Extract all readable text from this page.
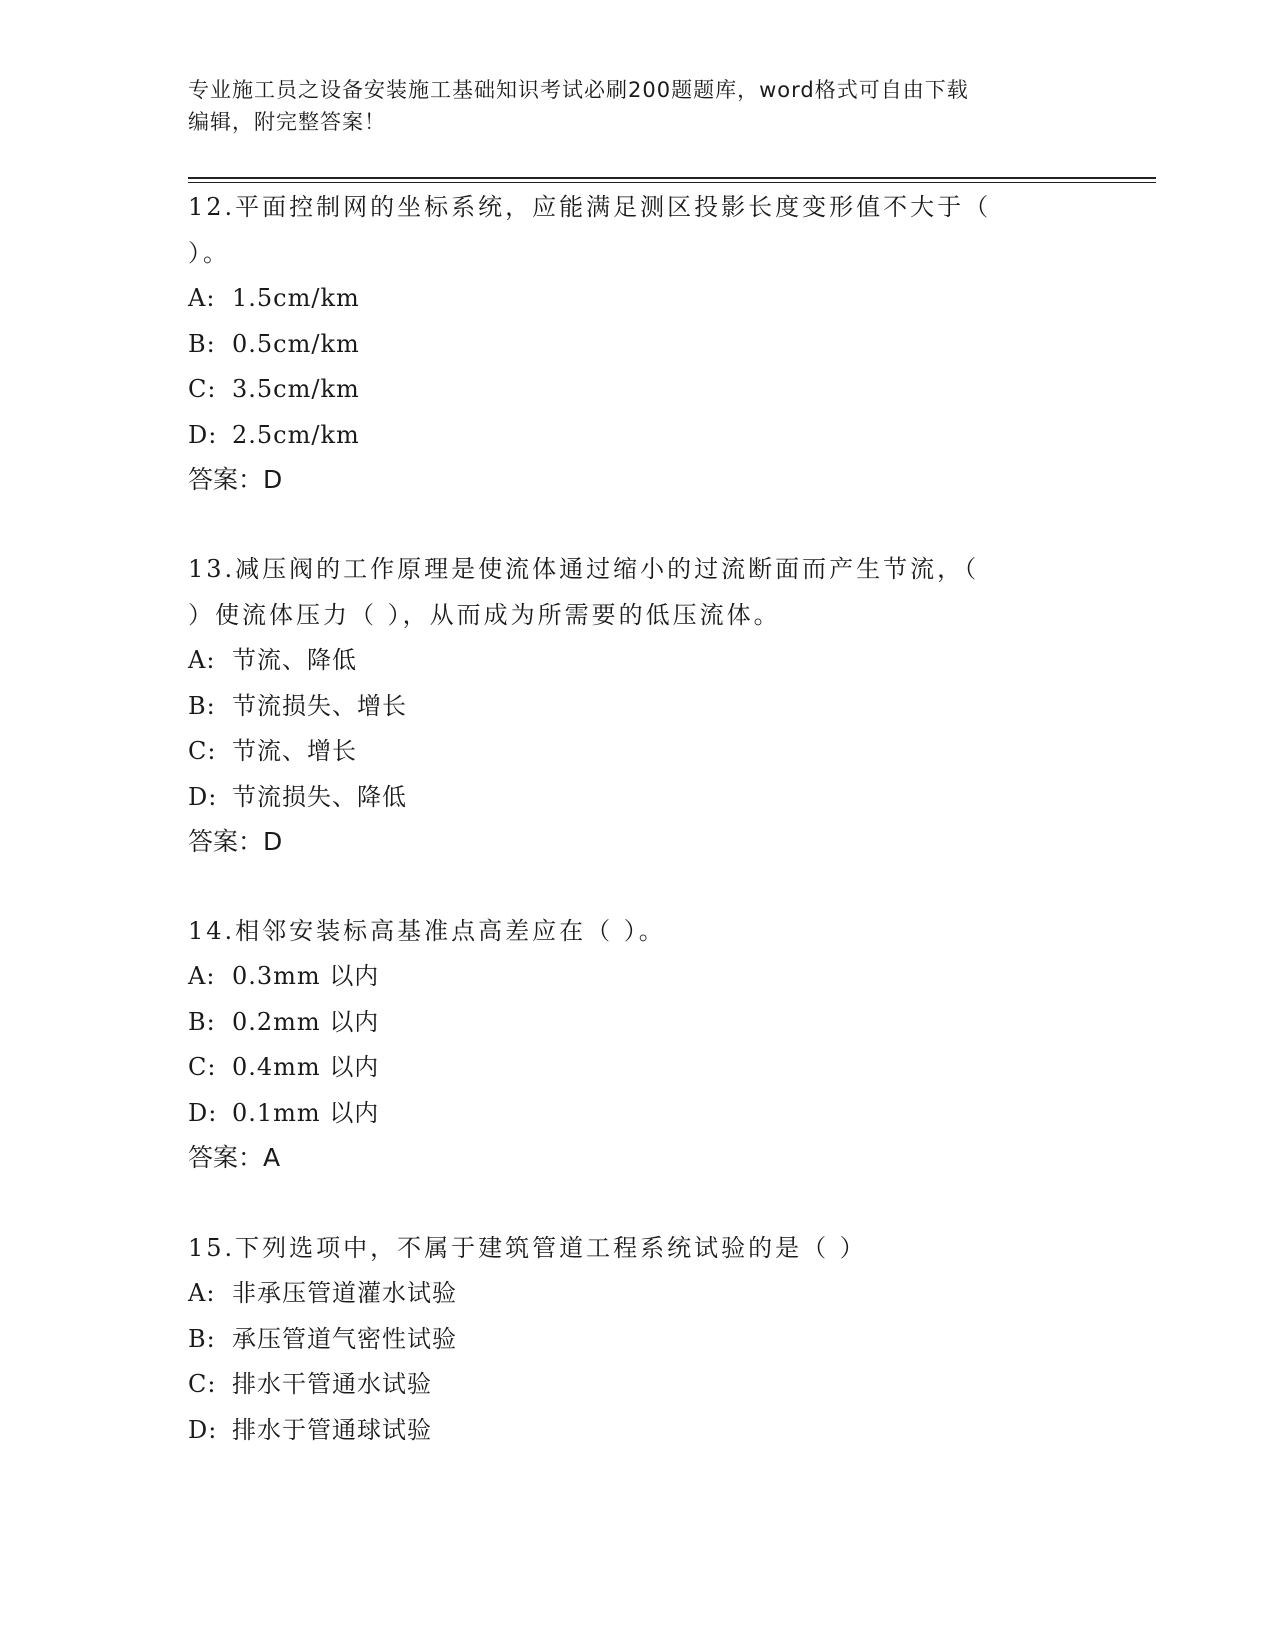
专业施工员之设备安装施工基础知识考试必刷200题题库，word格式可自由下载
编辑，附完整答案！
12.平面控制网的坐标系统，应能满足测区投影长度变形值不大于（
）。
A: 1.5cm/km
B: 0.5cm/km
C: 3.5cm/km
D: 2.5cm/km
答案：D
13.减压阀的工作原理是使流体通过缩小的过流断面而产生节流，（
）使流体压力（ ），从而成为所需要的低压流体。
A: 节流、降低
B: 节流损失、增长
C: 节流、增长
D: 节流损失、降低
答案：D
14.相邻安装标高基准点高差应在（ ）。
A: 0.3mm 以内
B: 0.2mm 以内
C: 0.4mm 以内
D: 0.1mm 以内
答案：A
15.下列选项中，不属于建筑管道工程系统试验的是（ ）
A: 非承压管道灌水试验
B: 承压管道气密性试验
C: 排水干管通水试验
D: 排水于管通球试验
